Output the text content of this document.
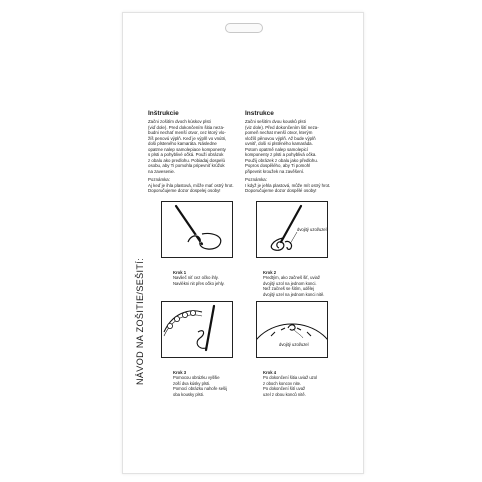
Inštrukcie

Začni zošitím dvoch kúskov plsti
(viď dole). Pred dokončením šitia neza-
budni nechať menší otvor, cez ktorý vlo-
žíš penovú výplň. Keď je výplň vo vnútri,
doši plsteného kamaráta. Následne
opatrne nalep samolepiace komponenty
s plsti a pohyblivé očká. Použi obrázok
z obalu ako predlohu. Pobiadaj dospelú
osobu, aby Ti pomohla pripevniť krúžok
na zavesenie.

Poznámka:

Aj keď je ihla plastová, môže mať ostrý hrot.
Doporučujeme dozor dospelej osoby!

Instrukce

Začni sešitím dvou kousků plsti
(viz dole). Před dokončením šití neza-
pomeň nechat menší otvor, kterým
vložíš pěnovou výplň. Až bude výplň
uvnitř, doši si plstěného kamaráda.
Potom opatrně nalep samolepicí
komponenty z plsti a pohyblivá očka.
Použij obrázek z obalu jako předlohu.
Popros dospělého, aby Ti pomohl
připevnit kroužek na zavěšení.

Poznámka:

I když je jehla plastová, může mít ostrý hrot.
Doporučujeme dozor dospělé osoby!

NÁVOD NA ZOŠITIE/SEŠITÍ:	Krok 1
Navlieč niť cez očko ihly.
Navlékni nit přes očko jehly.
dvojitý uzol/uzel
Krok 2
Predtým, ako začneš šiť, uviaž
dvojitý uzol na jednom konci.
Než začneš se šitím, udělej
dvojitý uzel na jednom konci nitě.
Krok 3
Pomocou obrázku vyššie
zoší dva kúsky plsti.
Pomocí obrázku nahoře sešij
oba kousky plsti.
dvojitý uzol/uzel
Krok 4
Po dokončení šitia uviaž uzol
z oboch koncov nite.
Po dokončení šití uvaž
uzel z obou konců nitě.
